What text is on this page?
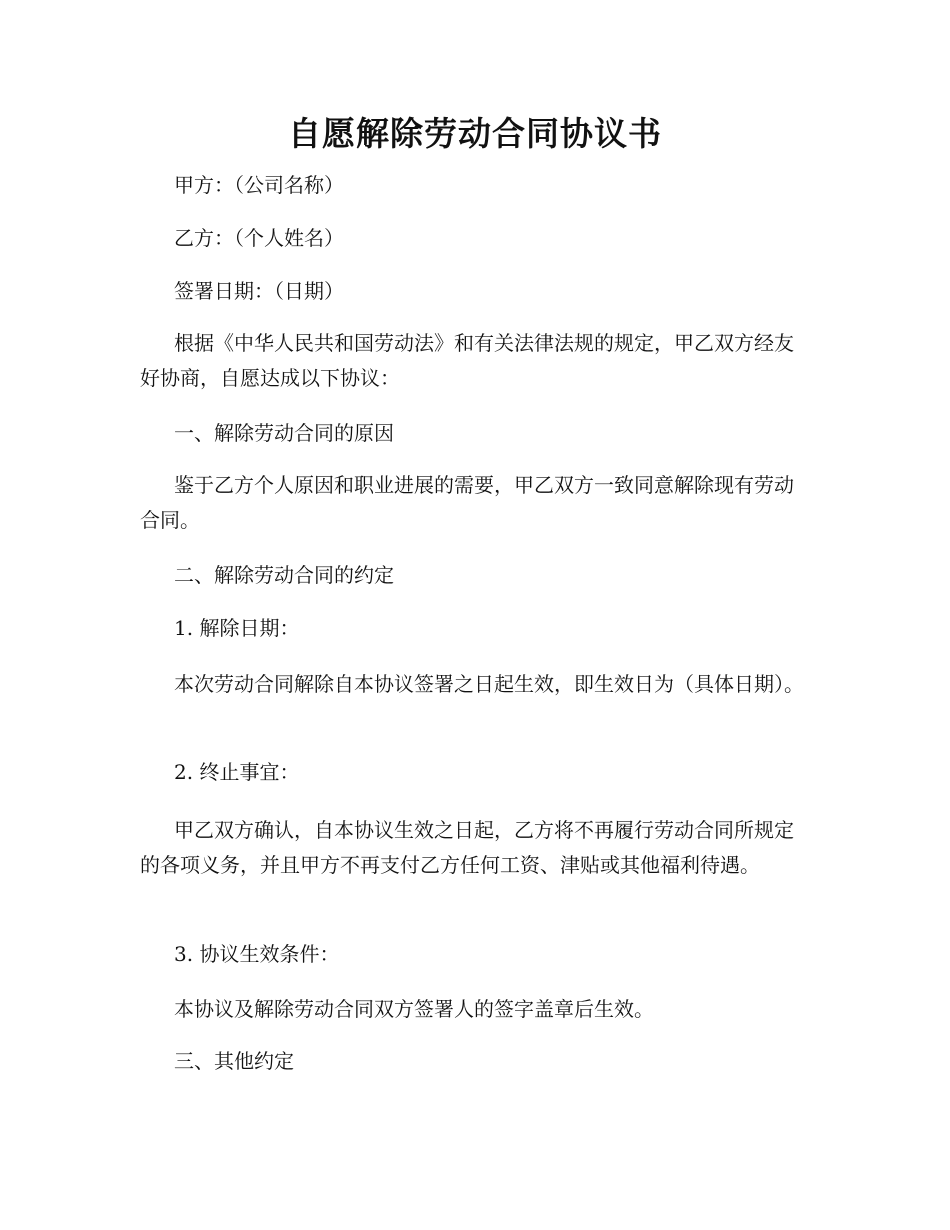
自愿解除劳动合同协议书

甲方：（公司名称）

乙方：（个人姓名）

签署日期：（日期）

根据《中华人民共和国劳动法》和有关法律法规的规定，甲乙双方经友好协商，自愿达成以下协议：

一、解除劳动合同的原因

鉴于乙方个人原因和职业进展的需要，甲乙双方一致同意解除现有劳动合同。

二、解除劳动合同的约定

1. 解除日期：

本次劳动合同解除自本协议签署之日起生效，即生效日为（具体日期）。

2. 终止事宜：

甲乙双方确认，自本协议生效之日起，乙方将不再履行劳动合同所规定的各项义务，并且甲方不再支付乙方任何工资、津贴或其他福利待遇。

3. 协议生效条件：

本协议及解除劳动合同双方签署人的签字盖章后生效。

三、其他约定
